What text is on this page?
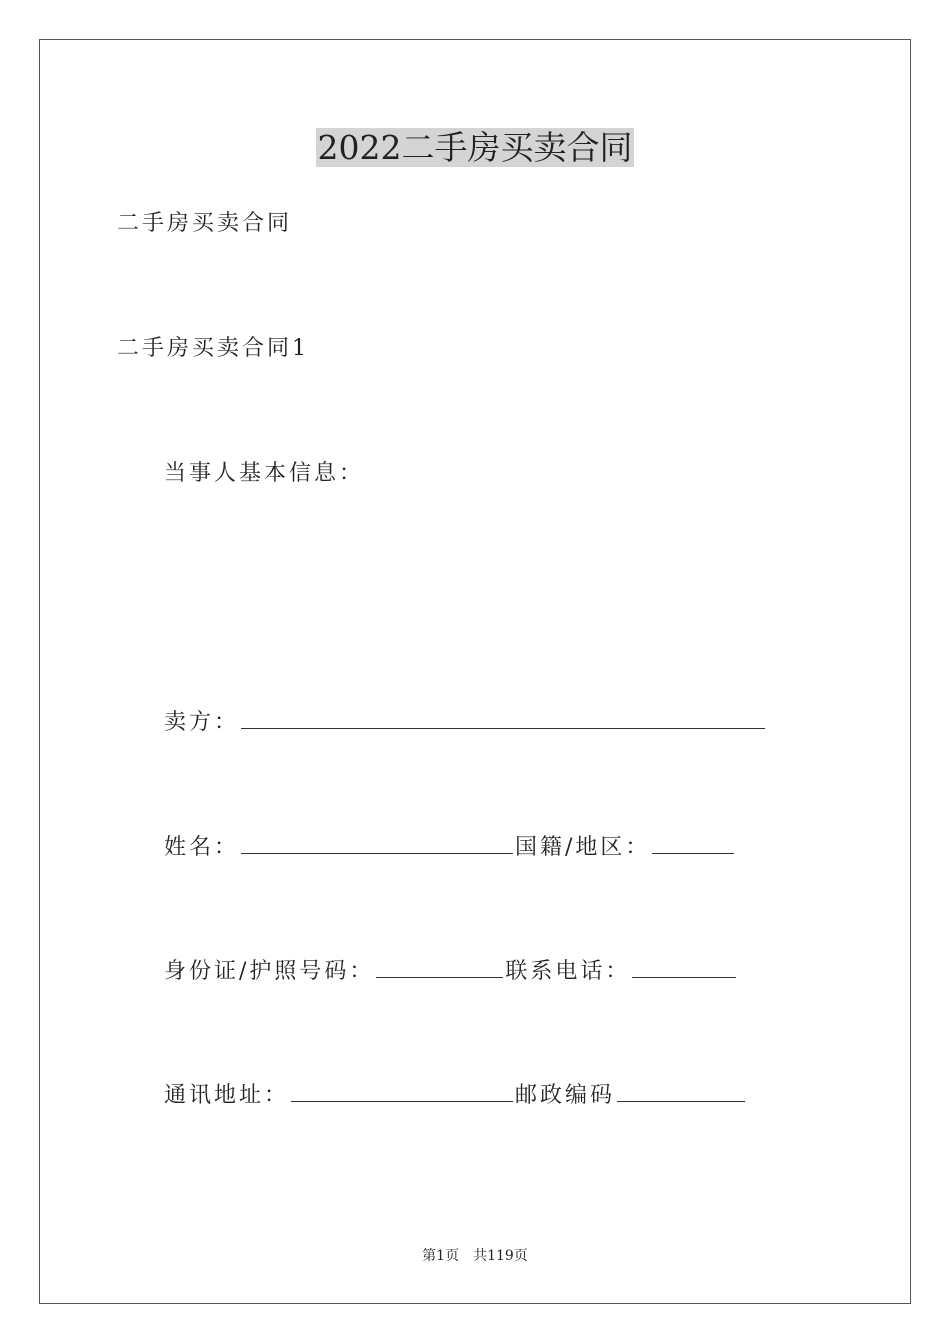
2022二手房买卖合同
二手房买卖合同
二手房买卖合同1
当事人基本信息：
卖方：
姓名：	国籍/地区：
身份证/护照号码：	联系电话：
通讯地址：	邮政编码
第1页　共119页
